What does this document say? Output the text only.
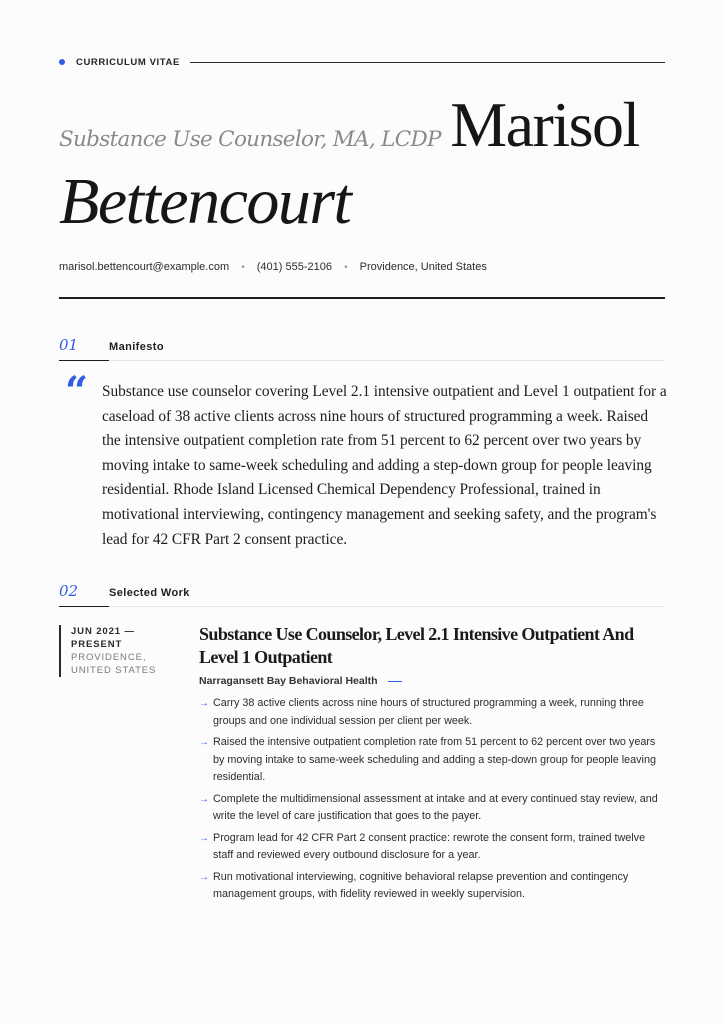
CURRICULUM VITAE
Substance Use Counselor, MA, LCDP Marisol
Bettencourt
marisol.bettencourt@example.com • (401) 555-2106 • Providence, United States
01	Manifesto
“ Substance use counselor covering Level 2.1 intensive outpatient and Level 1 outpatient for a caseload of 38 active clients across nine hours of structured programming a week. Raised the intensive outpatient completion rate from 51 percent to 62 percent over two years by moving intake to same-week scheduling and adding a step-down group for people leaving residential. Rhode Island Licensed Chemical Dependency Professional, trained in motivational interviewing, contingency management and seeking safety, and the program's lead for 42 CFR Part 2 consent practice.

02	Selected Work
JUN 2021 —
PRESENT
PROVIDENCE,
UNITED STATES
Substance Use Counselor, Level 2.1 Intensive Outpatient And Level 1 Outpatient
Narragansett Bay Behavioral Health
→ Carry 38 active clients across nine hours of structured programming a week, running three groups and one individual session per client per week.
→ Raised the intensive outpatient completion rate from 51 percent to 62 percent over two years by moving intake to same-week scheduling and adding a step-down group for people leaving residential.
→ Complete the multidimensional assessment at intake and at every continued stay review, and write the level of care justification that goes to the payer.
→ Program lead for 42 CFR Part 2 consent practice: rewrote the consent form, trained twelve staff and reviewed every outbound disclosure for a year.
→ Run motivational interviewing, cognitive behavioral relapse prevention and contingency management groups, with fidelity reviewed in weekly supervision.
